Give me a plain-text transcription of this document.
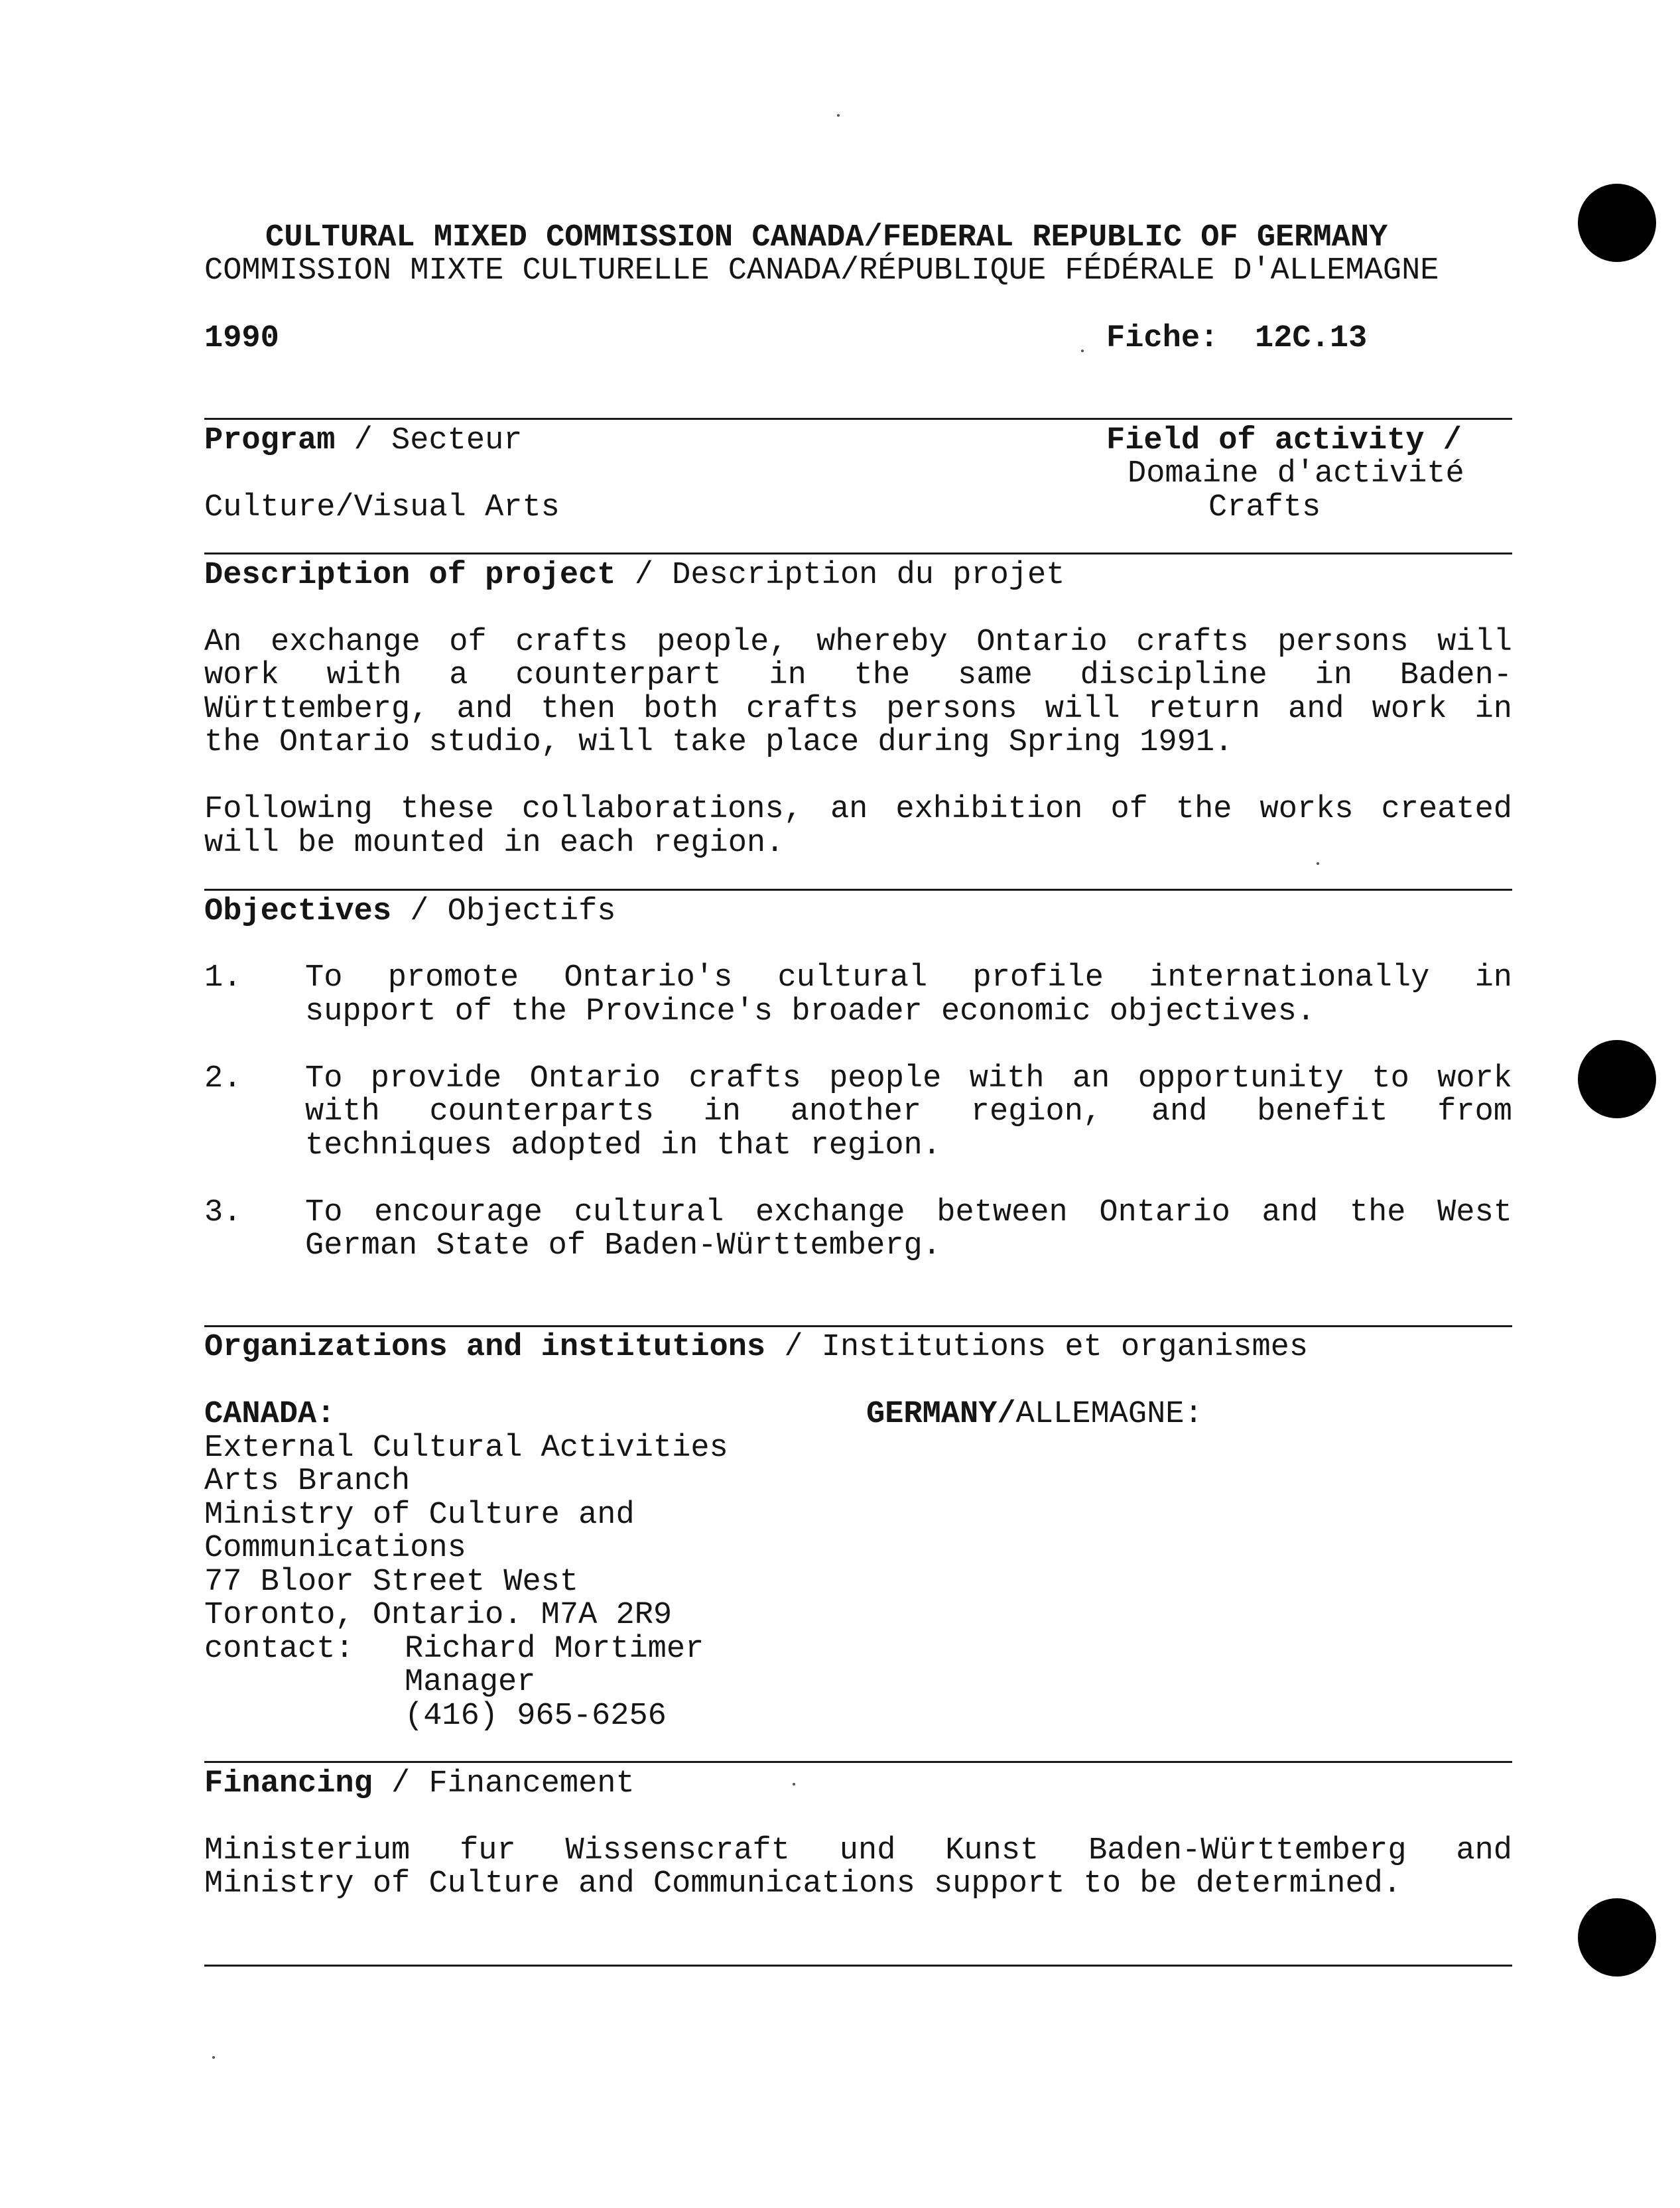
CULTURAL MIXED COMMISSION CANADA/FEDERAL REPUBLIC OF GERMANY
COMMISSION MIXTE CULTURELLE CANADA/RÉPUBLIQUE FÉDÉRALE D'ALLEMAGNE
1990	Fiche: 12C.13
Program / Secteur	Field of activity /
Domaine d'activité
Culture/Visual Arts	Crafts
Description of project / Description du projet
An exchange of crafts people, whereby Ontario crafts persons will
work with a counterpart in the same discipline in Baden-
Württemberg, and then both crafts persons will return and work in
the Ontario studio, will take place during Spring 1991.
Following these collaborations, an exhibition of the works created
will be mounted in each region.
Objectives / Objectifs
1. To promote Ontario's cultural profile internationally in
support of the Province's broader economic objectives.
2. To provide Ontario crafts people with an opportunity to work
with counterparts in another region, and benefit from
techniques adopted in that region.
3. To encourage cultural exchange between Ontario and the West
German State of Baden-Württemberg.
Organizations and institutions / Institutions et organismes
CANADA:	GERMANY/ALLEMAGNE:
External Cultural Activities
Arts Branch
Ministry of Culture and
Communications
77 Bloor Street West
Toronto, Ontario. M7A 2R9
contact: Richard Mortimer
Manager
(416) 965-6256
Financing / Financement
Ministerium fur Wissenscraft und Kunst Baden-Württemberg and
Ministry of Culture and Communications support to be determined.
